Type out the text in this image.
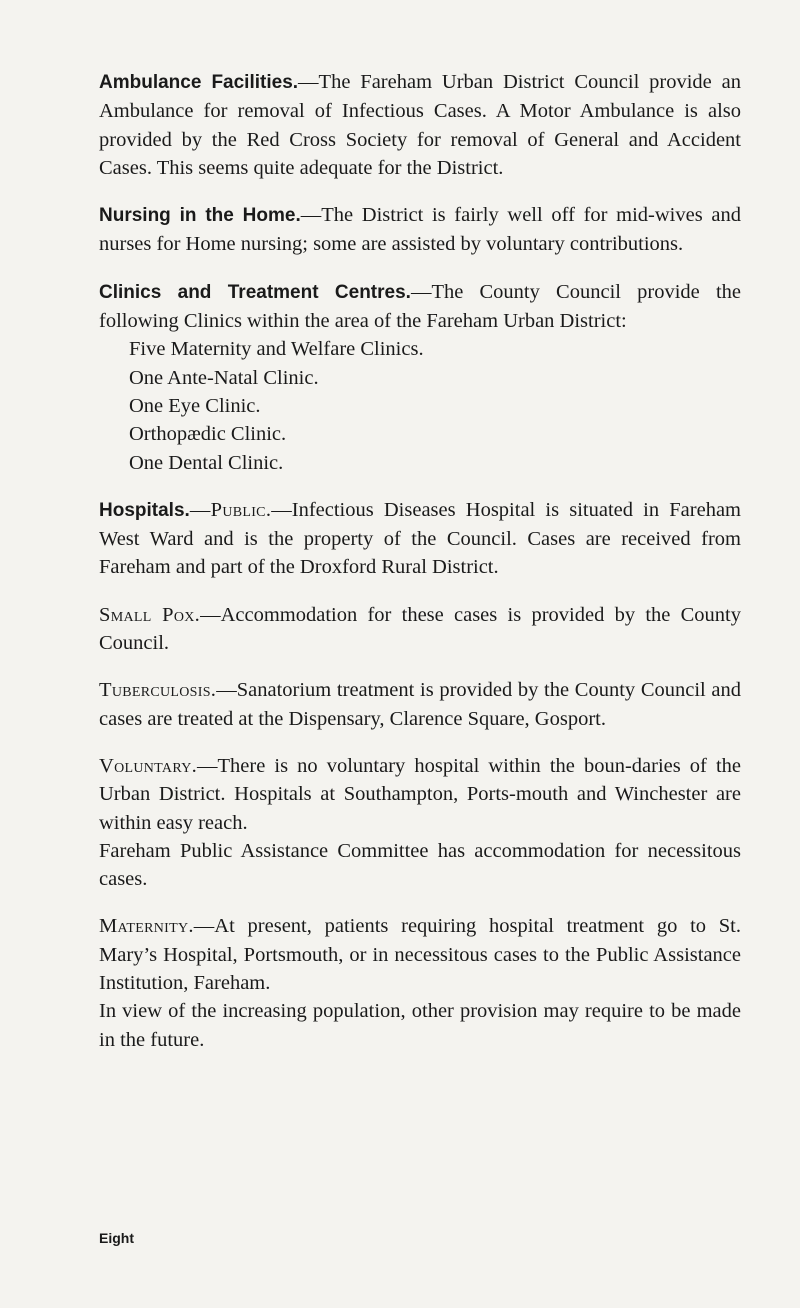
Ambulance Facilities.—The Fareham Urban District Council provide an Ambulance for removal of Infectious Cases. A Motor Ambulance is also provided by the Red Cross Society for removal of General and Accident Cases. This seems quite adequate for the District.

Nursing in the Home.—The District is fairly well off for mid-wives and nurses for Home nursing; some are assisted by voluntary contributions.

Clinics and Treatment Centres.—The County Council provide the following Clinics within the area of the Fareham Urban District:

Five Maternity and Welfare Clinics.
One Ante-Natal Clinic.
One Eye Clinic.
Orthopædic Clinic.
One Dental Clinic.

Hospitals.—Public.—Infectious Diseases Hospital is situated in Fareham West Ward and is the property of the Council. Cases are received from Fareham and part of the Droxford Rural District.

Small Pox.—Accommodation for these cases is provided by the County Council.

Tuberculosis.—Sanatorium treatment is provided by the County Council and cases are treated at the Dispensary, Clarence Square, Gosport.

Voluntary.—There is no voluntary hospital within the boun-daries of the Urban District. Hospitals at Southampton, Ports-mouth and Winchester are within easy reach.

Fareham Public Assistance Committee has accommodation for necessitous cases.

Maternity.—At present, patients requiring hospital treatment go to St. Mary’s Hospital, Portsmouth, or in necessitous cases to the Public Assistance Institution, Fareham.

In view of the increasing population, other provision may require to be made in the future.

Eight
